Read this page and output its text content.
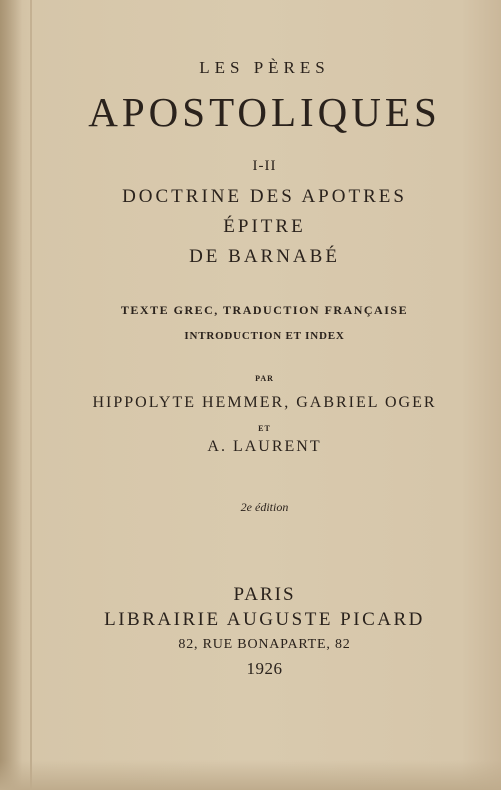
LES PÈRES
APOSTOLIQUES
I-II
DOCTRINE DES APOTRES
ÉPITRE
DE BARNABÉ
TEXTE GREC, TRADUCTION FRANÇAISE
INTRODUCTION ET INDEX
PAR
HIPPOLYTE HEMMER, GABRIEL OGER
ET
A. LAURENT
2e édition
PARIS
LIBRAIRIE AUGUSTE PICARD
82, RUE BONAPARTE, 82
1926
